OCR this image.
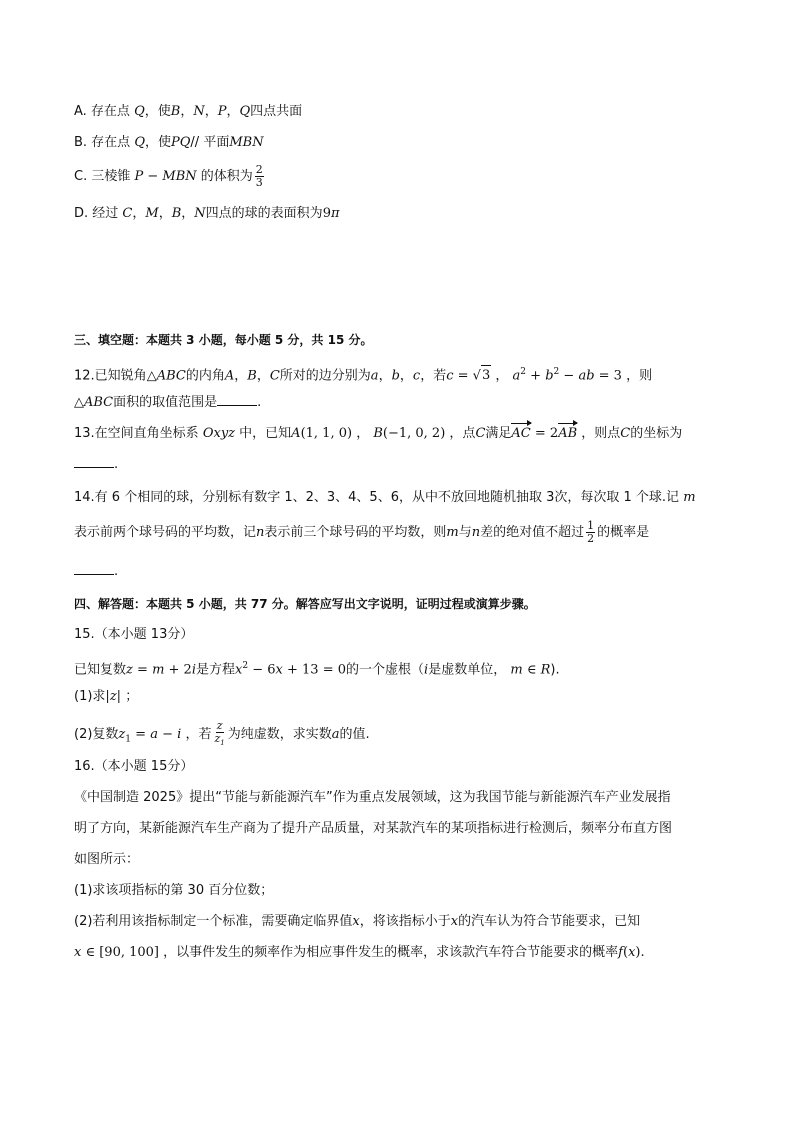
A. 存在点 Q，使B，N，P，Q四点共面
B. 存在点 Q，使PQ// 平面MBN
C. 三棱锥 P − MBN 的体积为 $\frac{2}{3}$
D. 经过 C，M，B，N四点的球的表面积为9π
三、填空题：本题共 3 小题，每小题 5 分，共 15 分。
12.已知锐角△ABC的内角A，B，C所对的边分别为a，b，c，若c = √3 ， $a^2 + b^2$ − ab = 3 ，则
△ABC面积的取值范围是	.
13.在空间直角坐标系 Oxyz 中，已知A(1, 1, 0) ， B(−1, 0, 2) ，点C满足AC = 2AB ，则点C的坐标为
.
14.有 6 个相同的球，分别标有数字 1、2、3、4、5、6，从中不放回地随机抽取 3次，每次取 1 个球.记 m
表示前两个球号码的平均数，记n表示前三个球号码的平均数，则m与n差的绝对值不超过 $\frac{1}{2}$ 的概率是
.
四、解答题：本题共 5 小题，共 77 分。解答应写出文字说明，证明过程或演算步骤。
15.（本小题 13分）
已知复数z = m + 2i是方程$x^2 - 6x + 13 = 0$的一个虚根（i是虚数单位， m ∈ R).
(1)求|z| ；
(2)复数$z_1 = a - i$ ，若 $\frac{z}{z_1}$ 为纯虚数，求实数a的值.
16.（本小题 15分）
《中国制造 2025》提出“节能与新能源汽车”作为重点发展领域，这为我国节能与新能源汽车产业发展指
明了方向，某新能源汽车生产商为了提升产品质量，对某款汽车的某项指标进行检测后，频率分布直方图
如图所示：
(1)求该项指标的第 30 百分位数；
(2)若利用该指标制定一个标准，需要确定临界值x，将该指标小于x的汽车认为符合节能要求，已知
x ∈ [90, 100] ，以事件发生的频率作为相应事件发生的概率，求该款汽车符合节能要求的概率f(x).
